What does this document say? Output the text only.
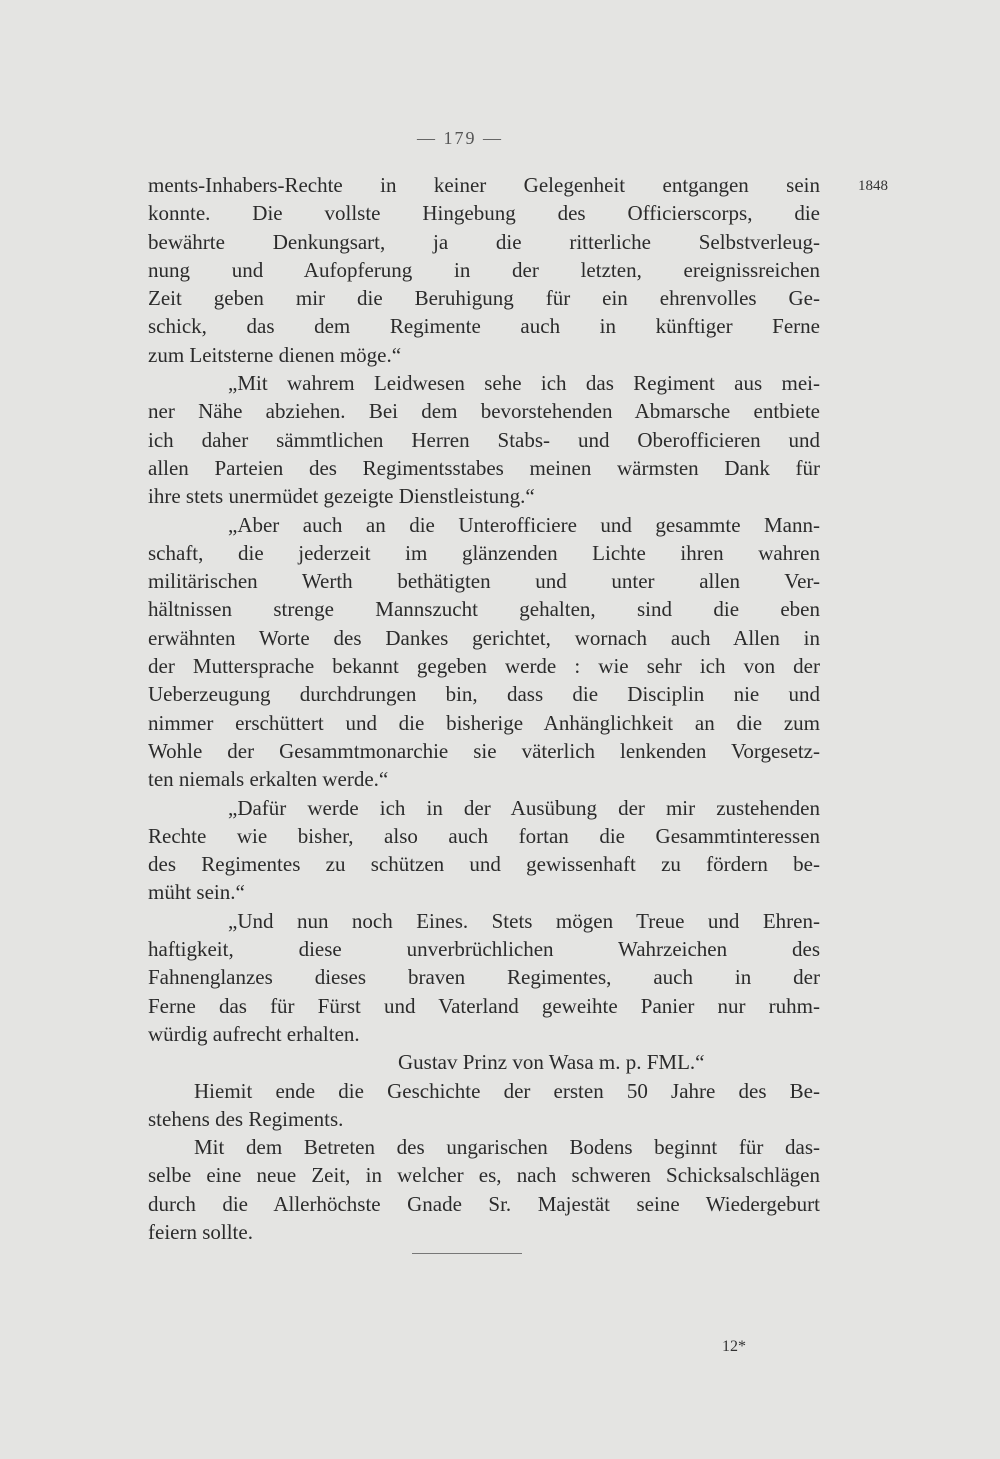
— 179 —
1848
ments-Inhabers-Rechte in keiner Gelegenheit entgangen sein
konnte. Die vollste Hingebung des Officierscorps, die
bewährte Denkungsart, ja die ritterliche Selbstverleug-
nung und Aufopferung in der letzten, ereignissreichen
Zeit geben mir die Beruhigung für ein ehrenvolles Ge-
schick, das dem Regimente auch in künftiger Ferne
zum Leitsterne dienen möge.“
„Mit wahrem Leidwesen sehe ich das Regiment aus mei-
ner Nähe abziehen. Bei dem bevorstehenden Abmarsche entbiete
ich daher sämmtlichen Herren Stabs- und Oberofficieren und
allen Parteien des Regimentsstabes meinen wärmsten Dank für
ihre stets unermüdet gezeigte Dienstleistung.“
„Aber auch an die Unterofficiere und gesammte Mann-
schaft, die jederzeit im glänzenden Lichte ihren wahren
militärischen Werth bethätigten und unter allen Ver-
hältnissen strenge Mannszucht gehalten, sind die eben
erwähnten Worte des Dankes gerichtet, wornach auch Allen in
der Muttersprache bekannt gegeben werde : wie sehr ich von der
Ueberzeugung durchdrungen bin, dass die Disciplin nie und
nimmer erschüttert und die bisherige Anhänglichkeit an die zum
Wohle der Gesammtmonarchie sie väterlich lenkenden Vorgesetz-
ten niemals erkalten werde.“
„Dafür werde ich in der Ausübung der mir zustehenden
Rechte wie bisher, also auch fortan die Gesammtinteressen
des Regimentes zu schützen und gewissenhaft zu fördern be-
müht sein.“
„Und nun noch Eines. Stets mögen Treue und Ehren-
haftigkeit, diese unverbrüchlichen Wahrzeichen des
Fahnenglanzes dieses braven Regimentes, auch in der
Ferne das für Fürst und Vaterland geweihte Panier nur ruhm-
würdig aufrecht erhalten.
Gustav Prinz von Wasa m. p. FML.“
Hiemit ende die Geschichte der ersten 50 Jahre des Be-
stehens des Regiments.
Mit dem Betreten des ungarischen Bodens beginnt für das-
selbe eine neue Zeit, in welcher es, nach schweren Schicksalschlägen
durch die Allerhöchste Gnade Sr. Majestät seine Wiedergeburt
feiern sollte.
12*
